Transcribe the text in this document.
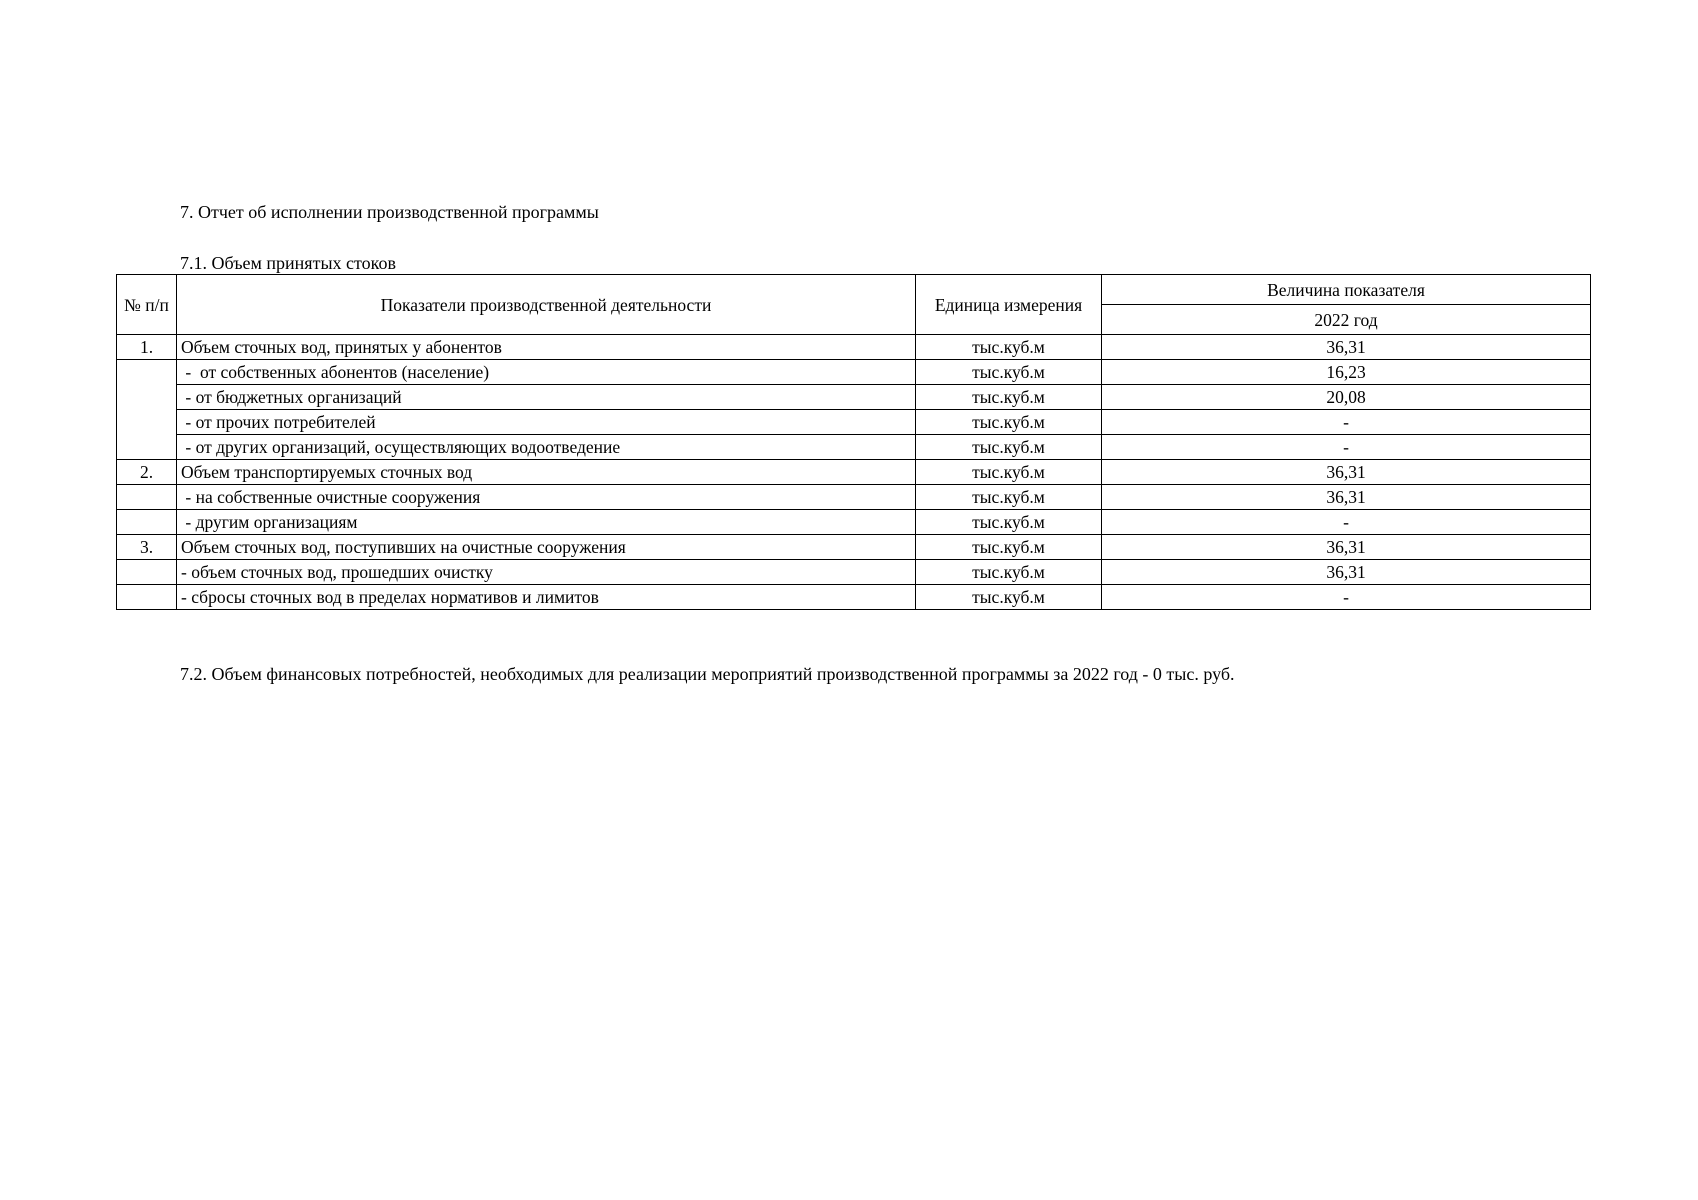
7. Отчет об исполнении производственной программы
7.1. Объем принятых стоков
№ п/п	Показатели производственной деятельности	Единица измерения	Величина показателя
			2022 год
1.	Объем сточных вод, принятых у абонентов	тыс.куб.м	36,31
	-  от собственных абонентов (население)	тыс.куб.м	16,23
	- от бюджетных организаций	тыс.куб.м	20,08
	- от прочих потребителей	тыс.куб.м	-
	- от других организаций, осуществляющих водоотведение	тыс.куб.м	-
2.	Объем транспортируемых сточных вод	тыс.куб.м	36,31
	- на собственные очистные сооружения	тыс.куб.м	36,31
	- другим организациям	тыс.куб.м	-
3.	Объем сточных вод, поступивших на очистные сооружения	тыс.куб.м	36,31
	- объем сточных вод, прошедших очистку	тыс.куб.м	36,31
	- сбросы сточных вод в пределах нормативов и лимитов	тыс.куб.м	-
7.2. Объем финансовых потребностей, необходимых для реализации мероприятий производственной программы за 2022 год - 0 тыс. руб.
